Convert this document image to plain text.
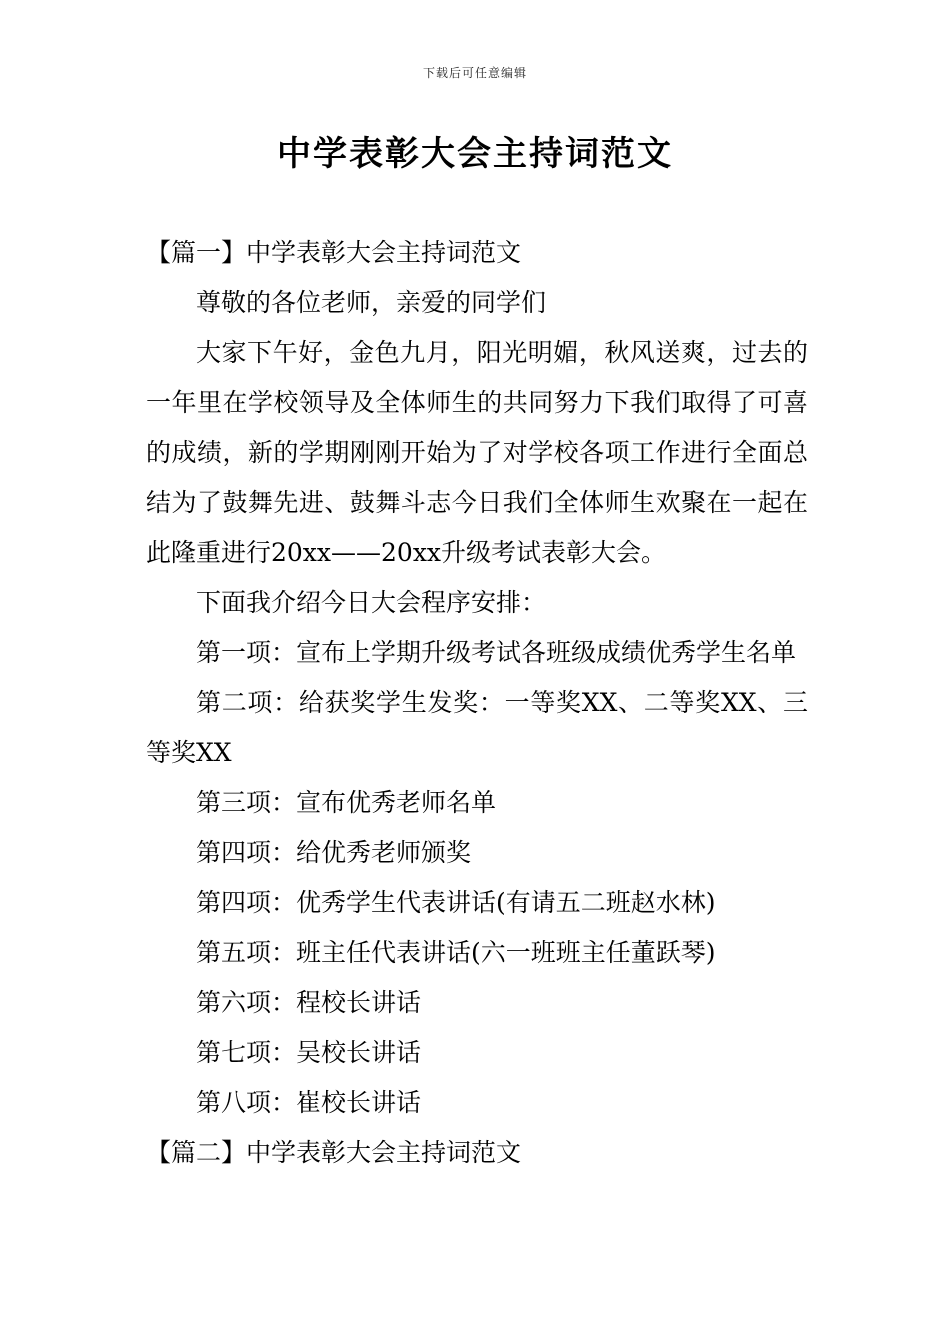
下载后可任意编辑
中学表彰大会主持词范文

【篇一】中学表彰大会主持词范文

尊敬的各位老师，亲爱的同学们

大家下午好，金色九月，阳光明媚，秋风送爽，过去的一年里在学校领导及全体师生的共同努力下我们取得了可喜的成绩，新的学期刚刚开始为了对学校各项工作进行全面总结为了鼓舞先进、鼓舞斗志今日我们全体师生欢聚在一起在此隆重进行20xx——20xx升级考试表彰大会。

下面我介绍今日大会程序安排：

第一项：宣布上学期升级考试各班级成绩优秀学生名单

第二项：给获奖学生发奖：一等奖XX、二等奖XX、三等奖XX

第三项：宣布优秀老师名单

第四项：给优秀老师颁奖

第四项：优秀学生代表讲话(有请五二班赵水林)

第五项：班主任代表讲话(六一班班主任董跃琴)

第六项：程校长讲话

第七项：吴校长讲话

第八项：崔校长讲话

【篇二】中学表彰大会主持词范文
